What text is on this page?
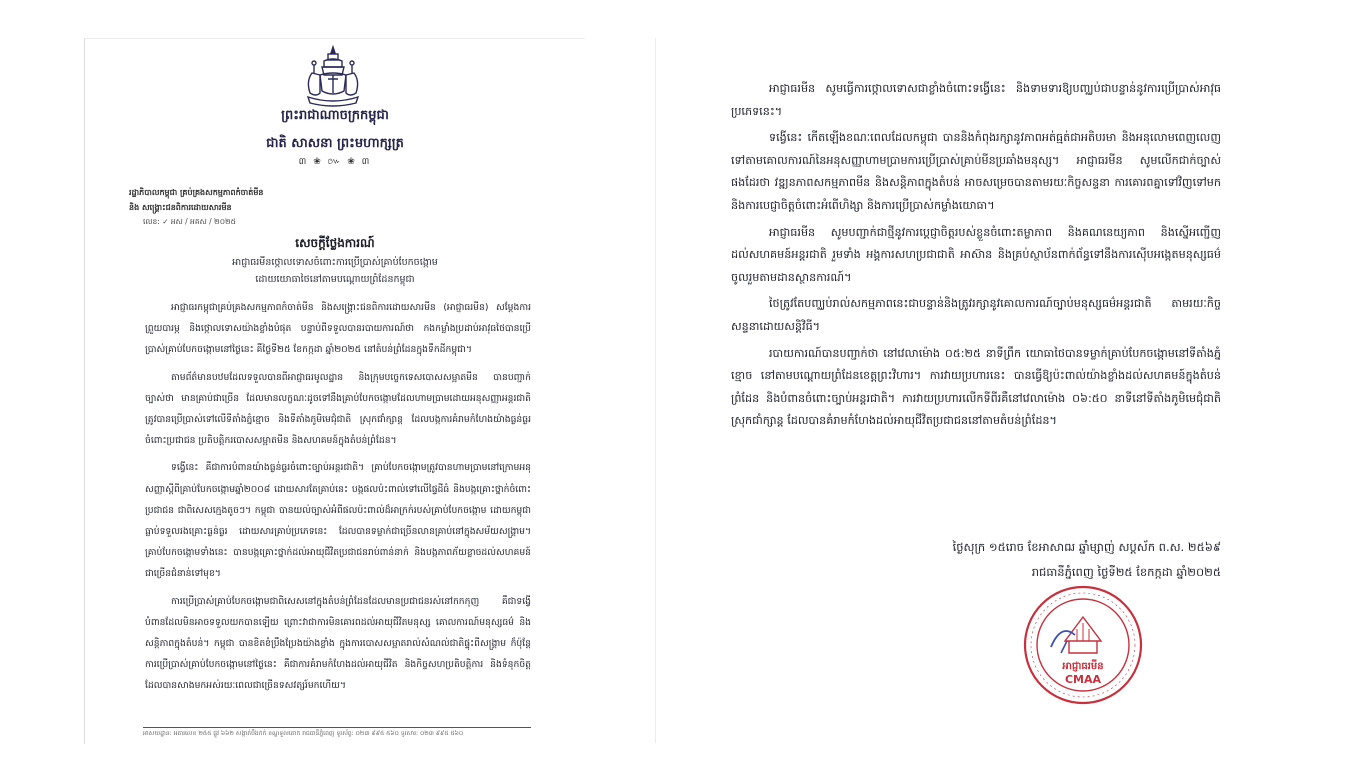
ព្រះរាជាណាចក្រកម្ពុជា
ជាតិ សាសនា ព្រះមហាក្សត្រ
៣ ❀ ៚ ❀ ៣
រដ្ឋាភិបាលកម្ពុជា គ្រប់គ្រងសកម្មភាពកំចាត់មីន
និង សង្គ្រោះជនពិការដោយសារមីន
លេខ: ✓ អស / អគស / ២០២៥
សេចក្តីថ្លែងការណ៍
អាជ្ញាធរមីនថ្កោលទោសចំពោះការប្រើប្រាស់គ្រាប់បែកចង្កោម
ដោយយោធាថៃនៅតាមបណ្តោយព្រំដែនកម្ពុជា

អាជ្ញាធរកម្ពុជាគ្រប់គ្រងសកម្មភាពកំចាត់មីន និងសង្គ្រោះជនពិការដោយសារមីន (អាជ្ញាធរមីន) សម្តែងការព្រួយបារម្ភ និងថ្កោលទោសយ៉ាងខ្លាំងបំផុត បន្ទាប់ពីទទួលបានរបាយការណ៍ថា កងកម្លាំងប្រដាប់អាវុធថៃបានប្រើប្រាស់គ្រាប់បែកចង្កោមនៅថ្ងៃនេះ គឺថ្ងៃទី២៥ ខែកក្កដា ឆ្នាំ២០២៥ នៅតំបន់ព្រំដែនក្នុងទឹកដីកម្ពុជា។

តាមព័ត៌មានបឋមដែលទទួលបានពីអាជ្ញាធរមូលដ្ឋាន និងក្រុមបច្ចេកទេសបោសសម្អាតមីន បានបញ្ជាក់ច្បាស់ថា មានគ្រាប់ជាច្រើន ដែលមានលក្ខណៈដូចទៅនឹងគ្រាប់បែកចង្កោមដែលហាមប្រាមដោយអនុសញ្ញាអន្តរជាតិ ត្រូវបានប្រើប្រាស់ទៅលើទីតាំងភ្នំខ្មោច និងទីតាំងភូមិមេជុំជាតិ ស្រុកជាំក្សាន្ត ដែលបង្កការគំរាមកំហែងយ៉ាងធ្ងន់ធ្ងរចំពោះប្រជាជន ប្រតិបត្តិករបោសសម្អាតមីន និងសហគមន៍ក្នុងតំបន់ព្រំដែន។

ទង្វើនេះ គឺជាការបំពានយ៉ាងធ្ងន់ធ្ងរចំពោះច្បាប់អន្តរជាតិ។ គ្រាប់បែកចង្កោមត្រូវបានហាមប្រាមនៅក្រោមអនុសញ្ញាស្តីពីគ្រាប់បែកចង្កោមឆ្នាំ២០០៨ ដោយសារតែគ្រាប់នេះ បង្កផលប៉ះពាល់ទៅលើផ្ទៃដីធំ និងបង្កគ្រោះថ្នាក់ចំពោះប្រជាជន ជាពិសេសក្មេងតូចៗ។ កម្ពុជា បានយល់ច្បាស់អំពីផលប៉ះពាល់ដ៏អាក្រក់របស់គ្រាប់បែកចង្កោម ដោយកម្ពុជាធ្លាប់ទទួលរងគ្រោះធ្ងន់ធ្ងរ ដោយសារគ្រាប់ប្រភេទនេះ ដែលបានទម្លាក់ជាច្រើនលានគ្រាប់នៅក្នុងសម័យសង្គ្រាម។ គ្រាប់បែកចង្កោមទាំងនេះ បានបង្កគ្រោះថ្នាក់ដល់អាយុជីវិតប្រជាជនរាប់ពាន់នាក់ និងបង្កភាពភ័យខ្លាចដល់សហគមន៍ជាច្រើនជំនាន់ទៅមុខ។

ការប្រើប្រាស់គ្រាប់បែកចង្កោមជាពិសេសនៅក្នុងតំបន់ព្រំដែនដែលមានប្រជាជនរស់នៅកកកុញ គឺជាទង្វើបំពានដែលមិនអាចទទួលយកបានឡើយ ព្រោះវាជាការមិនគោរពដល់អាយុជីវិតមនុស្ស គោលការណ៍មនុស្សធម៌ និងសន្តិភាពក្នុងតំបន់។ កម្ពុជា បានខិតខំប្រឹងប្រែងយ៉ាងខ្លាំង ក្នុងការបោសសម្អាតរាល់សំណល់ជាតិផ្ទុះពីសង្គ្រាម ក៏ប៉ុន្តែ ការប្រើប្រាស់គ្រាប់បែកចង្កោមនៅថ្ងៃនេះ គឺជាការគំរាមកំហែងដល់អាយុជីវិត និងកិច្ចសហប្រតិបត្តិការ និងទំនុកចិត្ត ដែលបានសាងមកអស់រយៈពេលជាច្រើនទសវត្សរ៍មកហើយ។

អាសយដ្ឋាន: អគារលេខ ២៥៥ ផ្លូវ ៦៦២ សង្កាត់បឹងកក់ ខណ្ឌទួលគោក រាជធានីភ្នំពេញ ទូរស័ព្ទ: ០២៣ ៩៩៥ ៥៦០ ទូរសារ: ០២៣ ៩៩៥ ៥៦០

អាជ្ញាធរមីន សូមធ្វើការថ្កោលទោសជាខ្លាំងចំពោះទង្វើនេះ និងទាមទារឱ្យបញ្ឈប់ជាបន្ទាន់នូវការប្រើប្រាស់អាវុធប្រភេទនេះ។

ទង្វើនេះ កើតឡើងខណៈពេលដែលកម្ពុជា បាននិងកំពុងរក្សានូវភាពអត់ធ្មត់ជាអតិបរមា និងអនុលោមពេញលេញទៅតាមគោលការណ៍នៃអនុសញ្ញាហាមប្រាមការប្រើប្រាស់គ្រាប់មីនប្រឆាំងមនុស្ស។ អាជ្ញាធរមីន សូមលើកជាក់ច្បាស់ផងដែរថា វឌ្ឍនភាពសកម្មភាពមីន និងសន្តិភាពក្នុងតំបន់ អាចសម្រេចបានតាមរយៈកិច្ចសន្ទនា ការគោរពគ្នាទៅវិញទៅមក និងការបេជ្ញាចិត្តចំពោះអំពើហិង្សា និងការប្រើប្រាស់កម្លាំងយោធា។

អាជ្ញាធរមីន សូមបញ្ជាក់ជាថ្មីនូវការប្តេជ្ញាចិត្តរបស់ខ្លួនចំពោះតម្លាភាព និងគណនេយ្យភាព និងស្នើអញ្ជើញដល់សហគមន៍អន្តរជាតិ រួមទាំង អង្គការសហប្រជាជាតិ អាស៊ាន និងគ្រប់ស្ថាប័នពាក់ព័ន្ធទៅនឹងការស៊ើបអង្កេតមនុស្សធម៌ ចូលរួមតាមដានស្ថានការណ៍។

ថៃត្រូវតែបញ្ឈប់រាល់សកម្មភាពនេះជាបន្ទាន់និងត្រូវរក្សានូវគោលការណ៍ច្បាប់មនុស្សធម៌អន្តរជាតិ តាមរយៈកិច្ចសន្ទនាដោយសន្តិវិធី។

របាយការណ៍បានបញ្ជាក់ថា នៅវេលាម៉ោង ០៥:២៥ នាទីព្រឹក យោធាថៃបានទម្លាក់គ្រាប់បែកចង្កោមនៅទីតាំងភ្នំខ្មោច នៅតាមបណ្តោយព្រំដែនខេត្តព្រះវិហារ។ ការវាយប្រហារនេះ បានធ្វើឱ្យប៉ះពាល់យ៉ាងខ្លាំងដល់សហគមន៍ក្នុងតំបន់ព្រំដែន និងបំពានចំពោះច្បាប់អន្តរជាតិ។ ការវាយប្រហារលើកទីពីរគឺនៅវេលាម៉ោង ០៦:៥០ នាទីនៅទីតាំងភូមិមេជុំជាតិ ស្រុកជាំក្សាន្ត ដែលបានគំរាមកំហែងដល់អាយុជីវិតប្រជាជននៅតាមតំបន់ព្រំដែន។

ថ្ងៃសុក្រ ១៥រោច ខែអាសាឍ ឆ្នាំម្សាញ់ សប្តស័ក ព.ស. ២៥៦៩
រាជធានីភ្នំពេញ ថ្ងៃទី២៥ ខែកក្កដា ឆ្នាំ២០២៥
អាជ្ញាធរមីន
CMAA
